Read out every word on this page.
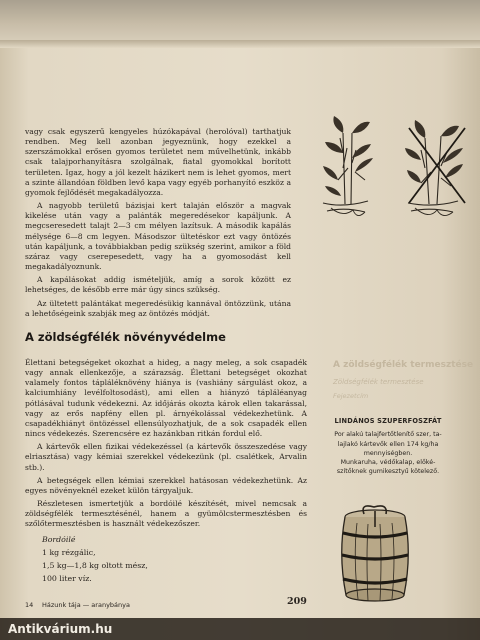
vagy csak egyszerű kengyeles húzókapával (herolóval) tarthatjuk rendben. Meg kell azonban jegyeznünk, hogy ezekkel a szerszámokkal erősen gyomos területet nem művelhetünk, inkább csak talajporhanyításra szolgálnak, fiatal gyomokkal borított területen. Igaz, hogy a jól kezelt házikert nem is lehet gyomos, mert a szinte állandóan földben levő kapa vagy egyéb porhanyító eszköz a gyomok fejlődését megakadályozza.

A nagyobb területű bázisjai kert talaján először a magvak kikelése után vagy a palánták megeredésekor kapáljunk. A megcseresedett talajt 2—3 cm mélyen lazítsuk. A második kapálás mélysége 6—8 cm legyen. Másodszor ültetéskor ezt vagy öntözés után kapáljunk, a továbbiakban pedig szükség szerint, amikor a föld száraz vagy cserepesedett, vagy ha a gyomosodást kell megakadályoznunk.

A kapálásokat addig ismételjük, amíg a sorok között ez lehetséges, de később erre már úgy sincs szükség.

Az ültetett palántákat megeredésükig kannával öntözzünk, utána a lehetőségeink szabják meg az öntözés módját.

A zöldségfélék termesztése
Zöldségfélék termesztése
Fejezetcím
A zöldségfélék növényvédelme

Élettani betegségeket okozhat a hideg, a nagy meleg, a sok csapadék vagy annak ellenkezője, a szárazság. Élettani betegséget okozhat valamely fontos tápláléknövény hiánya is (vashiány sárgulást okoz, a kalciumhiány levélfoltosodást), ami ellen a hiányzó tápláléanyag pótlásával tudunk védekezni. Az időjárás okozta károk ellen takarással, vagy az erős napfény ellen pl. árnyékolással védekezhetünk. A csapadékhiányt öntözéssel ellensúlyozhatjuk, de a sok csapadék ellen nincs védekezés. Szerencsére ez hazánkban ritkán fordul elő.

A kártevők ellen fizikai védekezéssel (a kártevők összeszedése vagy elriasztása) vagy kémiai szerekkel védekezünk (pl. csalétkek, Arvalin stb.).

A betegségek ellen kémiai szerekkel hatásosan védekezhetünk. Az egyes növényeknél ezeket külön tárgyaljuk.

Részletesen ismertetjük a bordóilé készítését, mivel nemcsak a zöldségfélék termesztésénél, hanem a gyümölcstermesztésben és szőlőtermesztésben is használt védekezőszer.

Bordóilé
1 kg rézgálic,
1,5 kg—1,8 kg oltott mész,
100 liter víz.
LINDÁNOS SZUPERFOSZFÁT
Por alakú talajfertőtlenítő szer, ta-
lajlakó kártevők ellen 174 kg/ha
mennyiségben.
Munkaruha, védőkalap, előké-
szítőknek gumikesztyű kötelező.
14 Házunk tája — aranybánya	209
Antikvárium.hu
